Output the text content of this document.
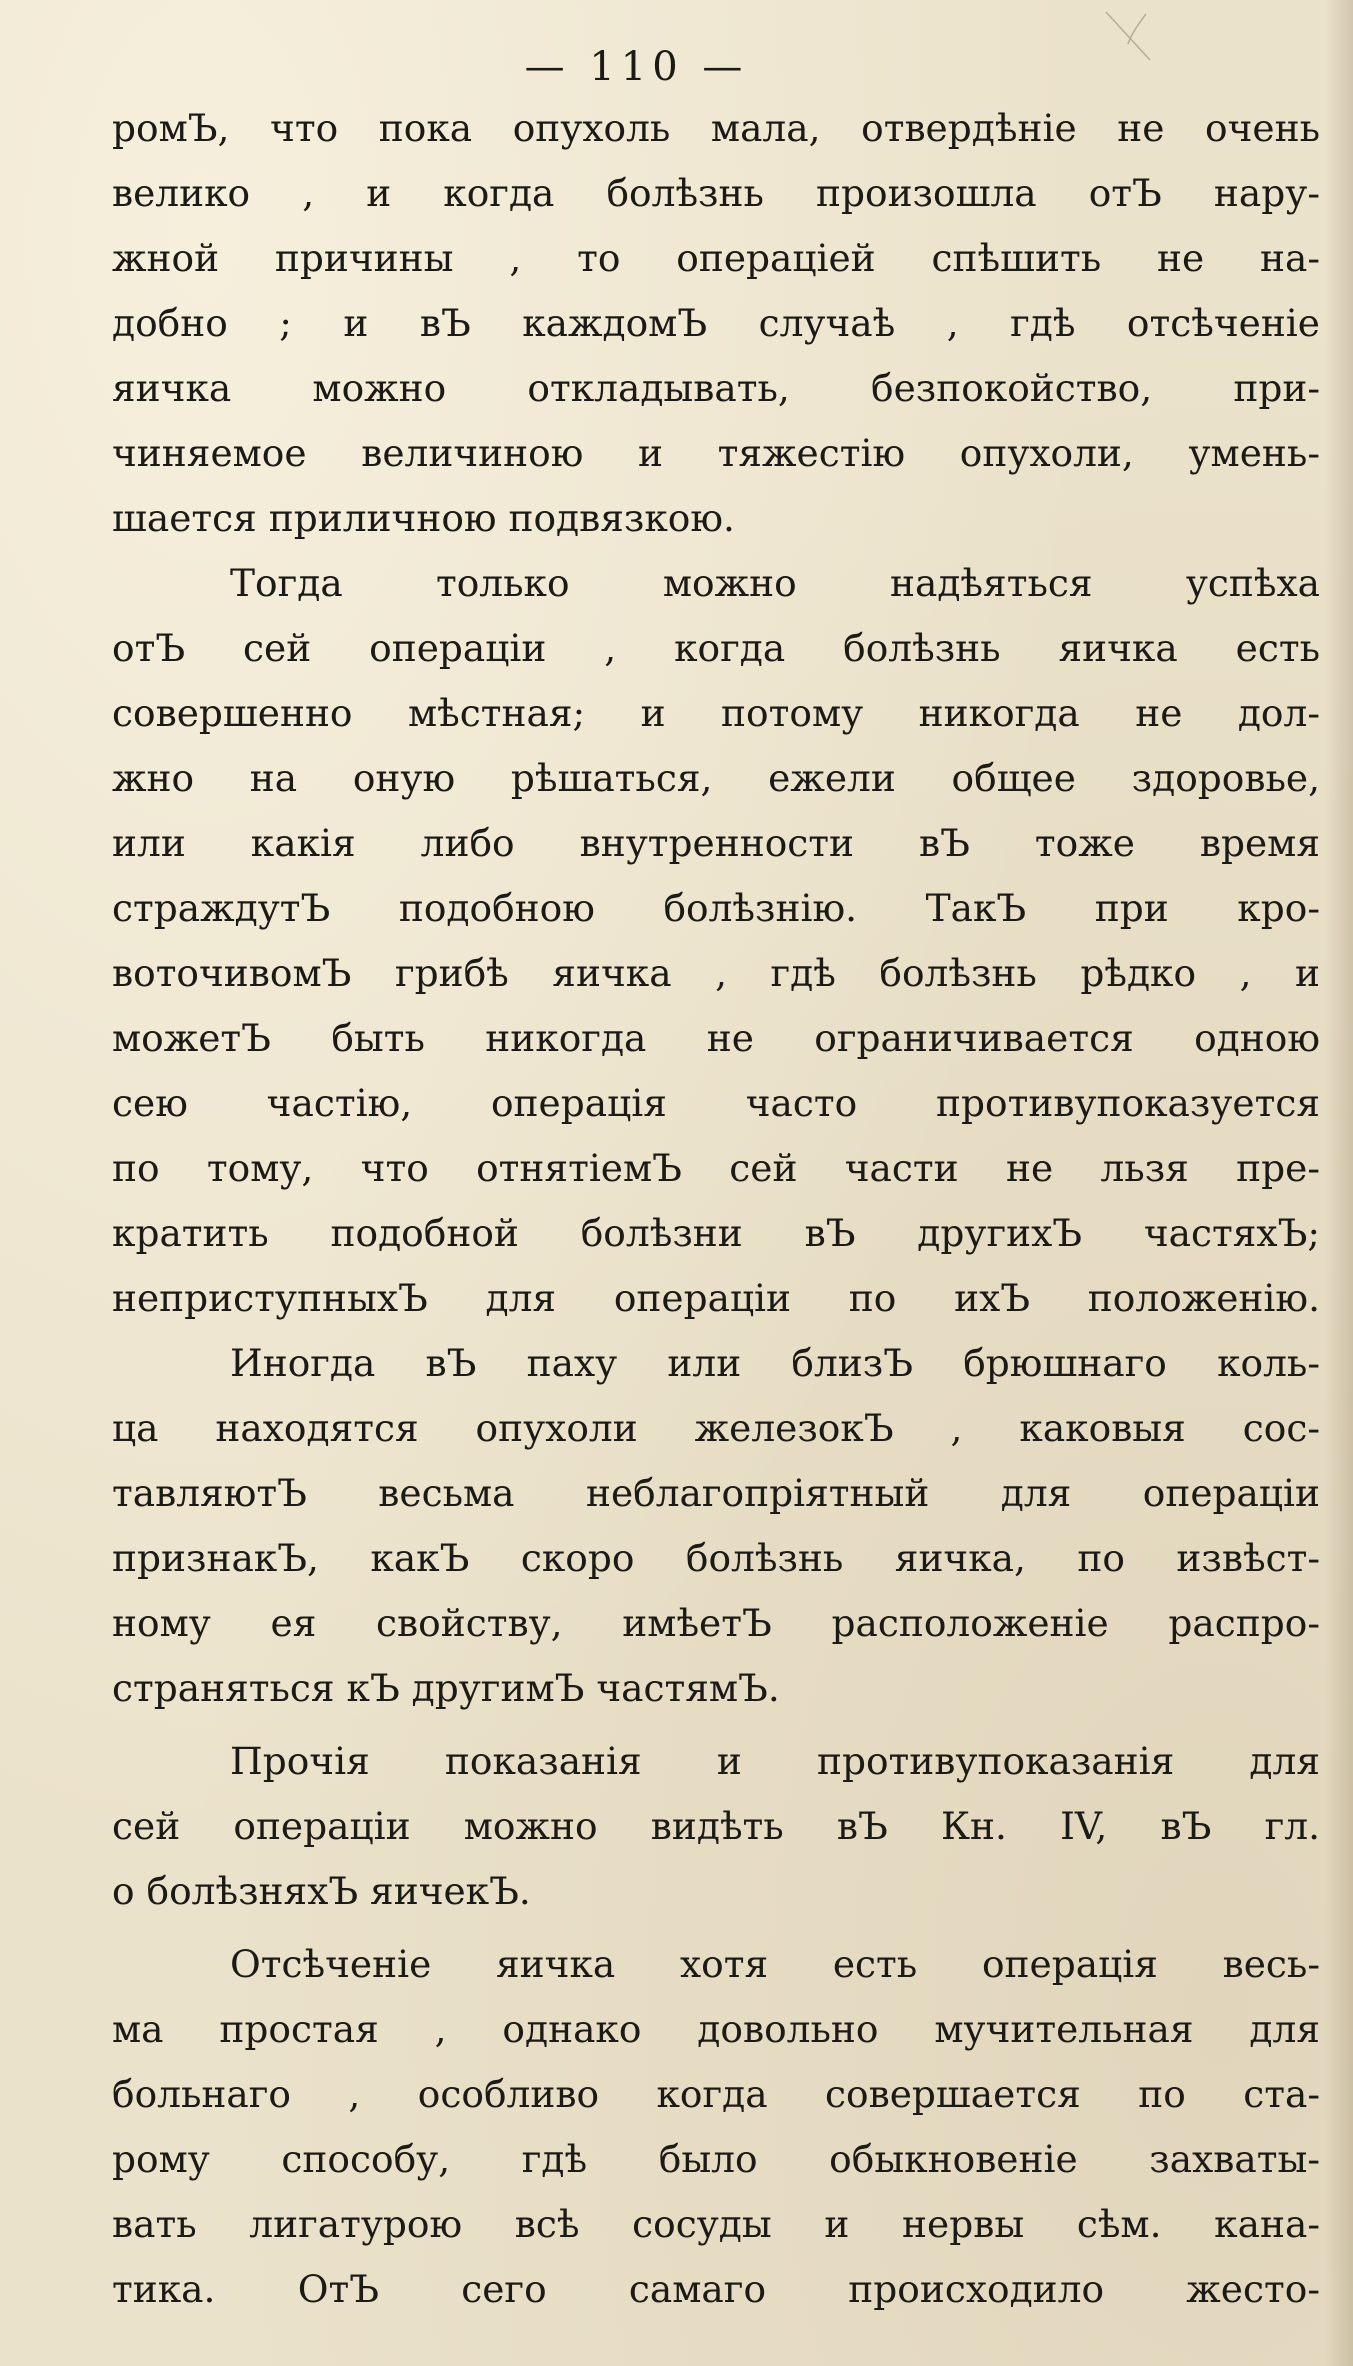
— 110 —
ромЪ, что пока опухоль мала, отвердѣніе не очень
велико , и когда болѣзнь произошла отЪ нару-
жной причины , то операціей спѣшить не на-
добно ; и вЪ каждомЪ случаѣ , гдѣ отсѣченіе
яичка можно откладывать, безпокойство, при-
чиняемое величиною и тяжестію опухоли, умень-
шается приличною подвязкою.
Тогда только можно надѣяться успѣха
отЪ сей операціи , когда болѣзнь яичка есть
совершенно мѣстная; и потому никогда не дол-
жно на оную рѣшаться, ежели общее здоровье,
или какія либо внутренности вЪ тоже время
страждутЪ подобною болѣзнію. ТакЪ при кро-
воточивомЪ грибѣ яичка , гдѣ болѣзнь рѣдко , и
можетЪ быть никогда не ограничивается одною
сею частію, операція часто противупоказуется
по тому, что отнятіемЪ сей части не льзя пре-
кратить подобной болѣзни вЪ другихЪ частяхЪ;
неприступныхЪ для операціи по ихЪ положенію.
Иногда вЪ паху или близЪ брюшнаго коль-
ца находятся опухоли железокЪ , каковыя сос-
тавляютЪ весьма неблагопріятный для операціи
признакЪ, какЪ скоро болѣзнь яичка, по извѣст-
ному ея свойству, имѣетЪ расположеніе распро-
страняться кЪ другимЪ частямЪ.
Прочія показанія и противупоказанія для
сей операціи можно видѣть вЪ Кн. IV, вЪ гл.
о болѣзняхЪ яичекЪ.
Отсѣченіе яичка хотя есть операція весь-
ма простая , однако довольно мучительная для
больнаго , особливо когда совершается по ста-
рому способу, гдѣ было обыкновеніе захваты-
вать лигатурою всѣ сосуды и нервы сѣм. кана-
тика. ОтЪ сего самаго происходило жесто-
